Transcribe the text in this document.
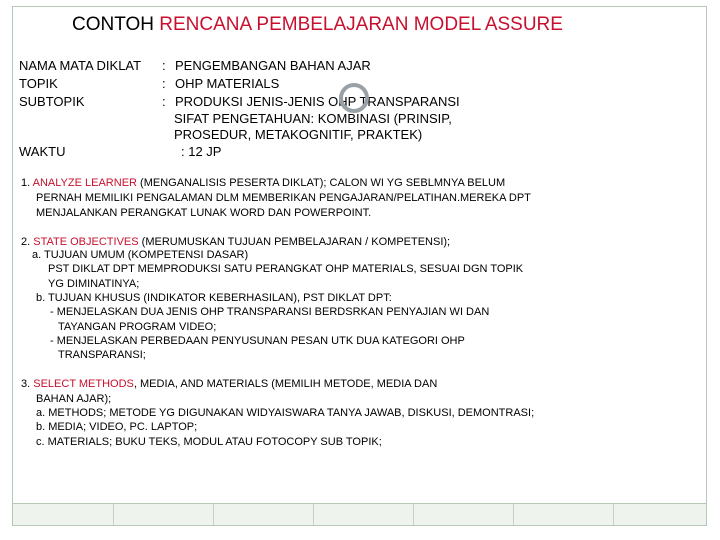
CONTOH RENCANA PEMBELAJARAN MODEL ASSURE
NAMA MATA DIKLAT : PENGEMBANGAN BAHAN AJAR
TOPIK	: OHP MATERIALS
SUBTOPIK	: PRODUKSI JENIS-JENIS OHP TRANSPARANSI
SIFAT PENGETAHUAN: KOMBINASI (PRINSIP,
PROSEDUR, METAKOGNITIF, PRAKTEK)
WAKTU	: 12 JP
1. ANALYZE LEARNER (MENGANALISIS PESERTA DIKLAT); CALON WI YG SEBLMNYA BELUM
PERNAH MEMILIKI PENGALAMAN DLM MEMBERIKAN PENGAJARAN/PELATIHAN.MEREKA DPT
MENJALANKAN PERANGKAT LUNAK WORD DAN POWERPOINT.
2. STATE OBJECTIVES (MERUMUSKAN TUJUAN PEMBELAJARAN / KOMPETENSI);
a. TUJUAN UMUM (KOMPETENSI DASAR)
PST DIKLAT DPT MEMPRODUKSI SATU PERANGKAT OHP MATERIALS, SESUAI DGN TOPIK
YG DIMINATINYA;
b. TUJUAN KHUSUS (INDIKATOR KEBERHASILAN), PST DIKLAT DPT:
- MENJELASKAN DUA JENIS OHP TRANSPARANSI BERDSRKAN PENYAJIAN WI DAN
TAYANGAN PROGRAM VIDEO;
- MENJELASKAN PERBEDAAN PENYUSUNAN PESAN UTK DUA KATEGORI OHP
TRANSPARANSI;
3. SELECT METHODS, MEDIA, AND MATERIALS (MEMILIH METODE, MEDIA DAN
BAHAN AJAR);
a. METHODS; METODE YG DIGUNAKAN WIDYAISWARA TANYA JAWAB, DISKUSI, DEMONTRASI;
b. MEDIA; VIDEO, PC. LAPTOP;
c. MATERIALS; BUKU TEKS, MODUL ATAU FOTOCOPY SUB TOPIK;
